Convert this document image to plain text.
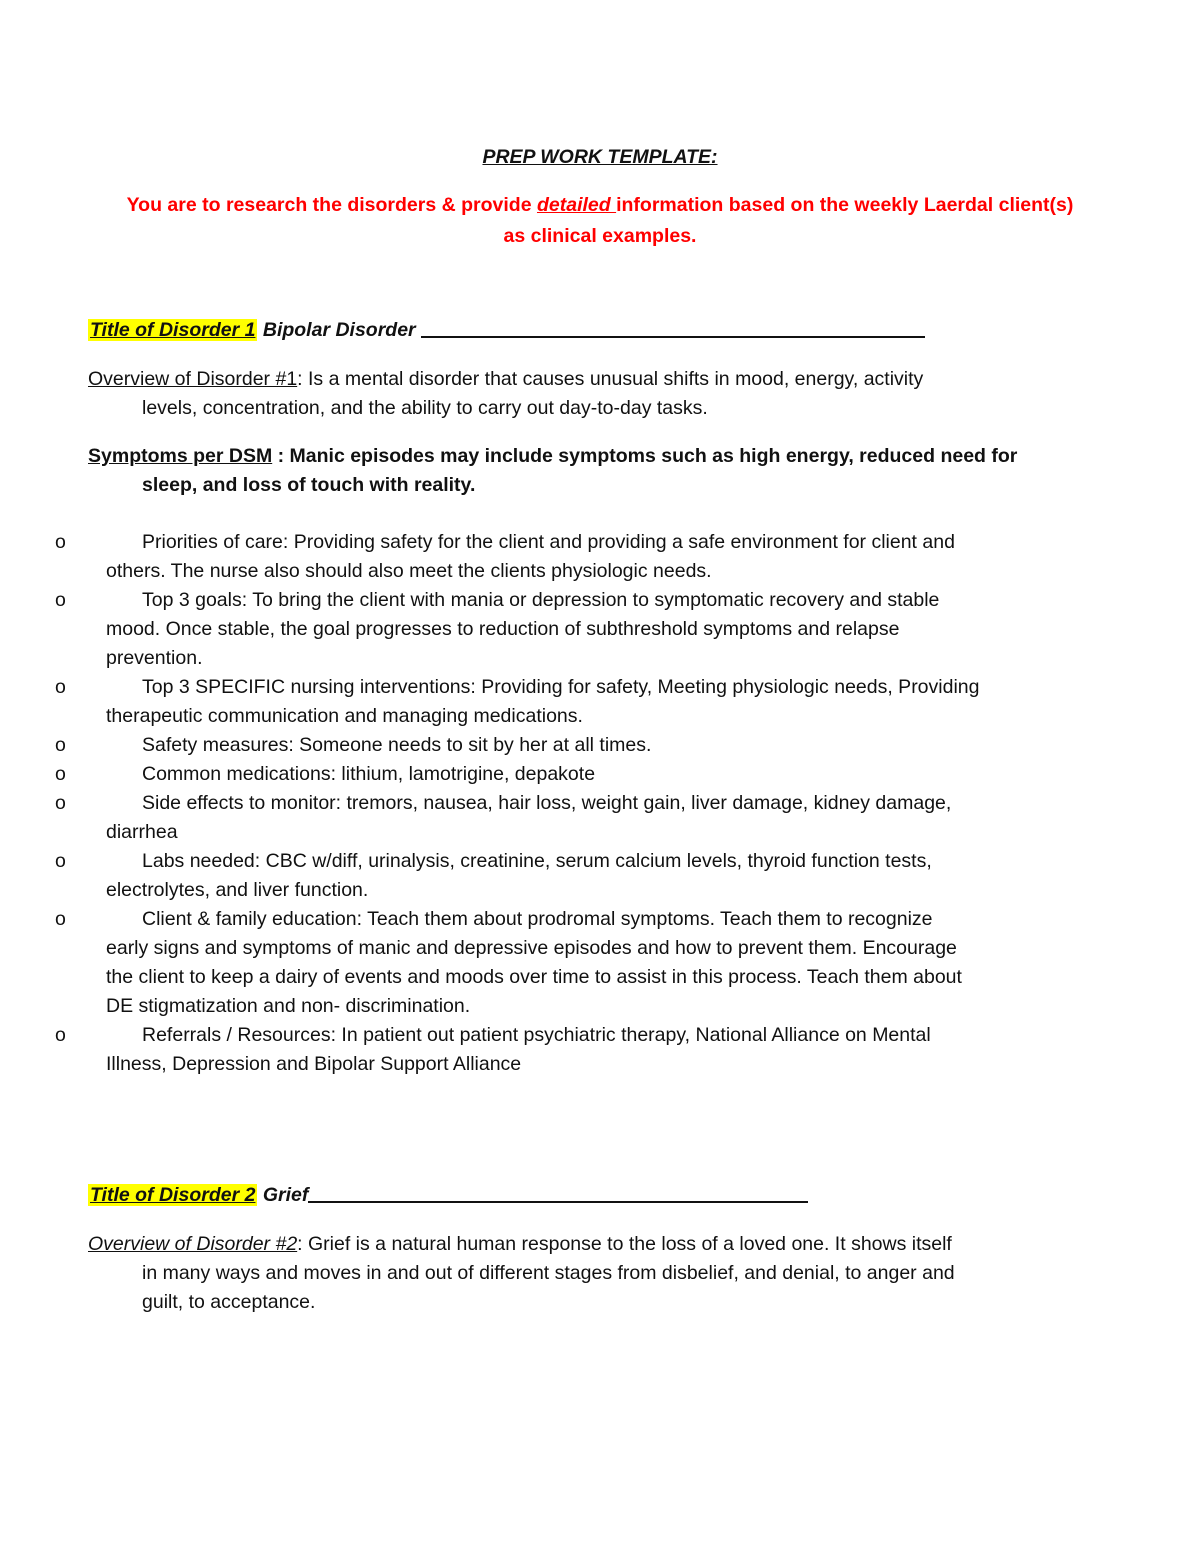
PREP WORK TEMPLATE:
You are to research the disorders & provide detailed information based on the weekly Laerdal client(s) as clinical examples.
Title of Disorder 1 Bipolar Disorder
Overview of Disorder #1: Is a mental disorder that causes unusual shifts in mood, energy, activity
levels, concentration, and the ability to carry out day-to-day tasks.
Symptoms per DSM : Manic episodes may include symptoms such as high energy, reduced need for
sleep, and loss of touch with reality.
o	Priorities of care: Providing safety for the client and providing a safe environment for client and
others. The nurse also should also meet the clients physiologic needs.
o	Top 3 goals: To bring the client with mania or depression to symptomatic recovery and stable
mood. Once stable, the goal progresses to reduction of subthreshold symptoms and relapse
prevention.
o	Top 3 SPECIFIC nursing interventions: Providing for safety, Meeting physiologic needs, Providing
therapeutic communication and managing medications.
o	Safety measures: Someone needs to sit by her at all times.
o	Common medications: lithium, lamotrigine, depakote
o	Side effects to monitor: tremors, nausea, hair loss, weight gain, liver damage, kidney damage,
diarrhea
o	Labs needed: CBC w/diff, urinalysis, creatinine, serum calcium levels, thyroid function tests,
electrolytes, and liver function.
o	Client & family education: Teach them about prodromal symptoms. Teach them to recognize
early signs and symptoms of manic and depressive episodes and how to prevent them. Encourage
the client to keep a dairy of events and moods over time to assist in this process. Teach them about
DE stigmatization and non- discrimination.
o	Referrals / Resources: In patient out patient psychiatric therapy, National Alliance on Mental
Illness, Depression and Bipolar Support Alliance
Title of Disorder 2 Grief
Overview of Disorder #2: Grief is a natural human response to the loss of a loved one. It shows itself
in many ways and moves in and out of different stages from disbelief, and denial, to anger and
guilt, to acceptance.
